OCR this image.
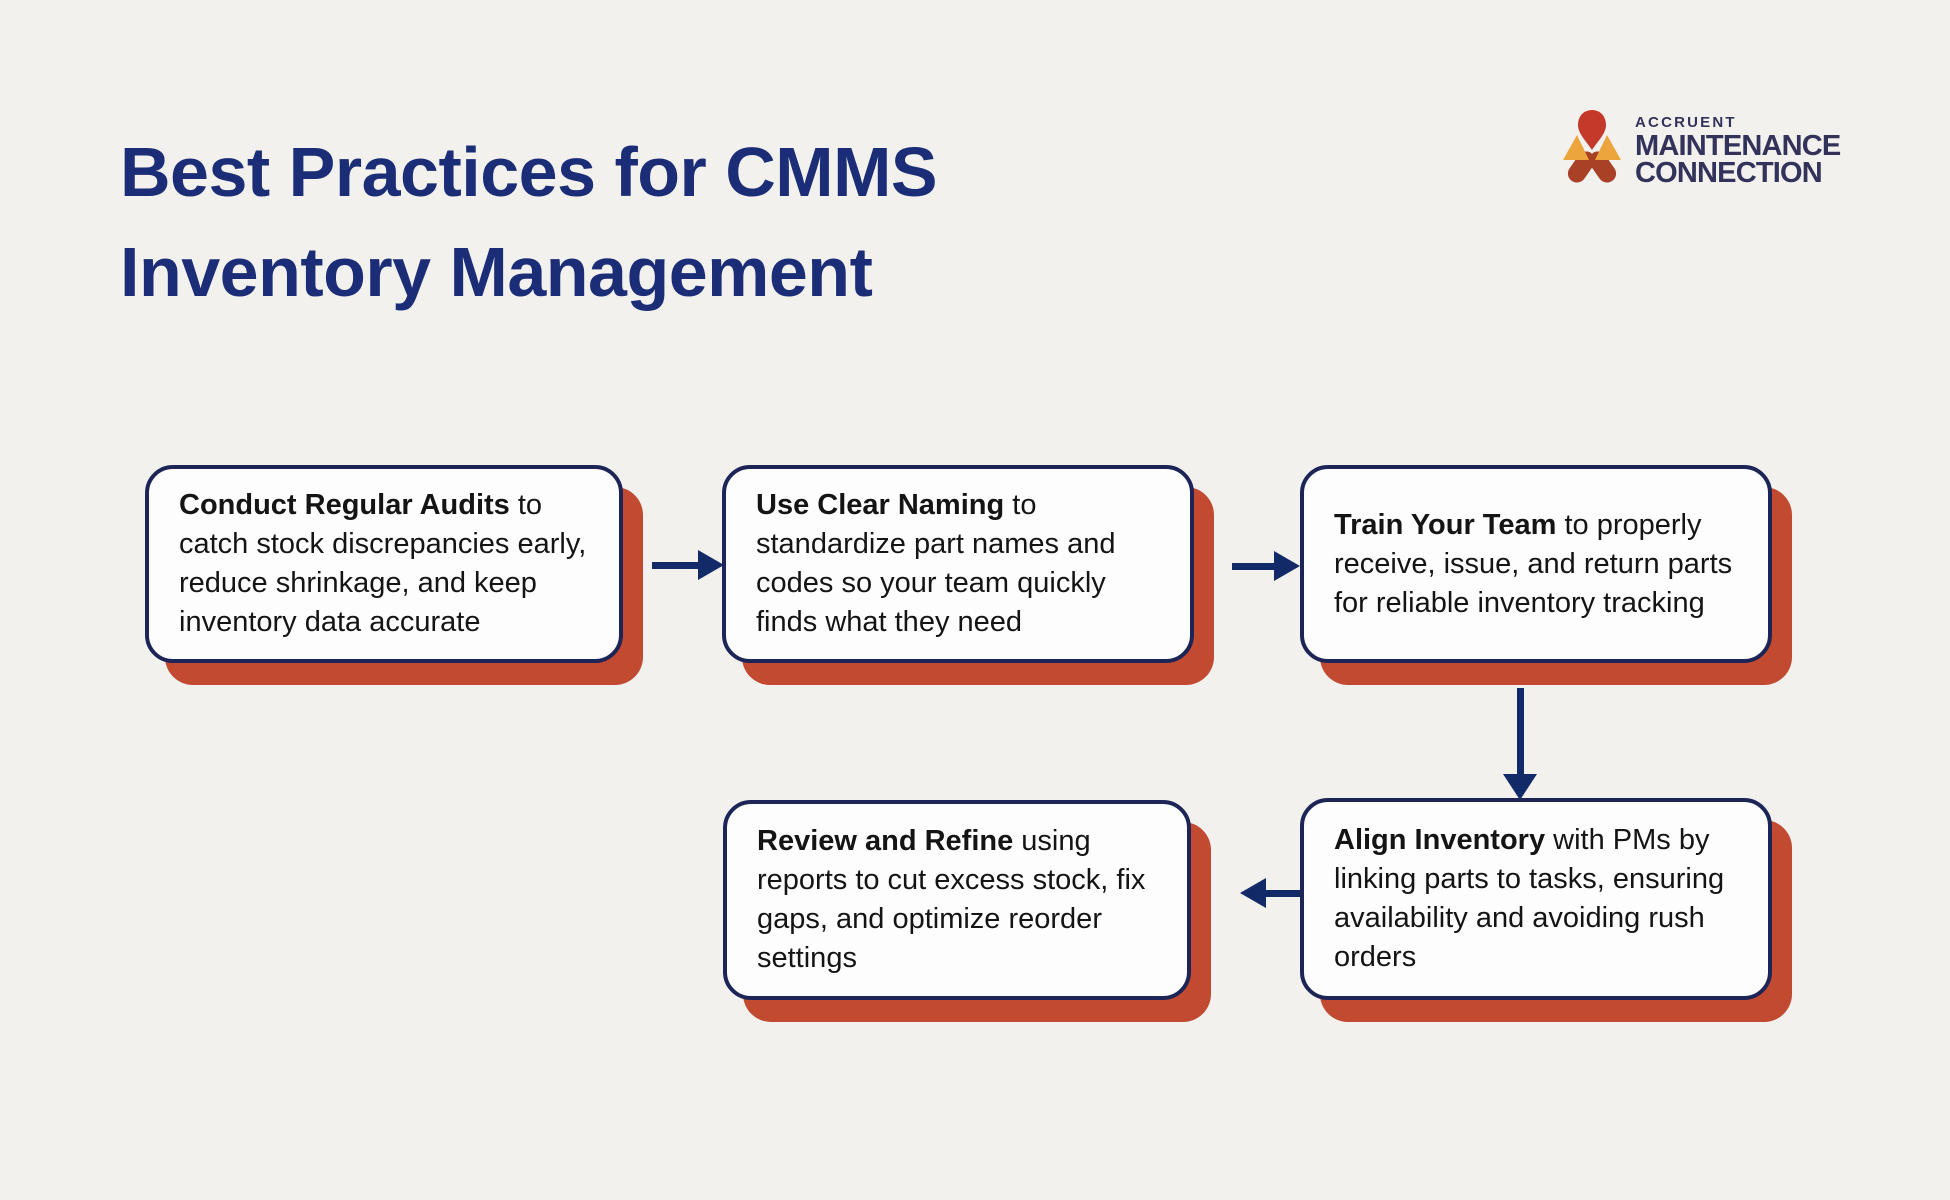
Best Practices for CMMS
Inventory Management
ACCRUENT
MAINTENANCE
CONNECTION

Conduct Regular Audits to catch stock discrepancies early, reduce shrinkage, and keep inventory data accurate

Use Clear Naming to standardize part names and codes so your team quickly finds what they need

Train Your Team to properly receive, issue, and return parts for reliable inventory tracking

Review and Refine using reports to cut excess stock, fix gaps, and optimize reorder settings

Align Inventory with PMs by linking parts to tasks, ensuring availability and avoiding rush orders
